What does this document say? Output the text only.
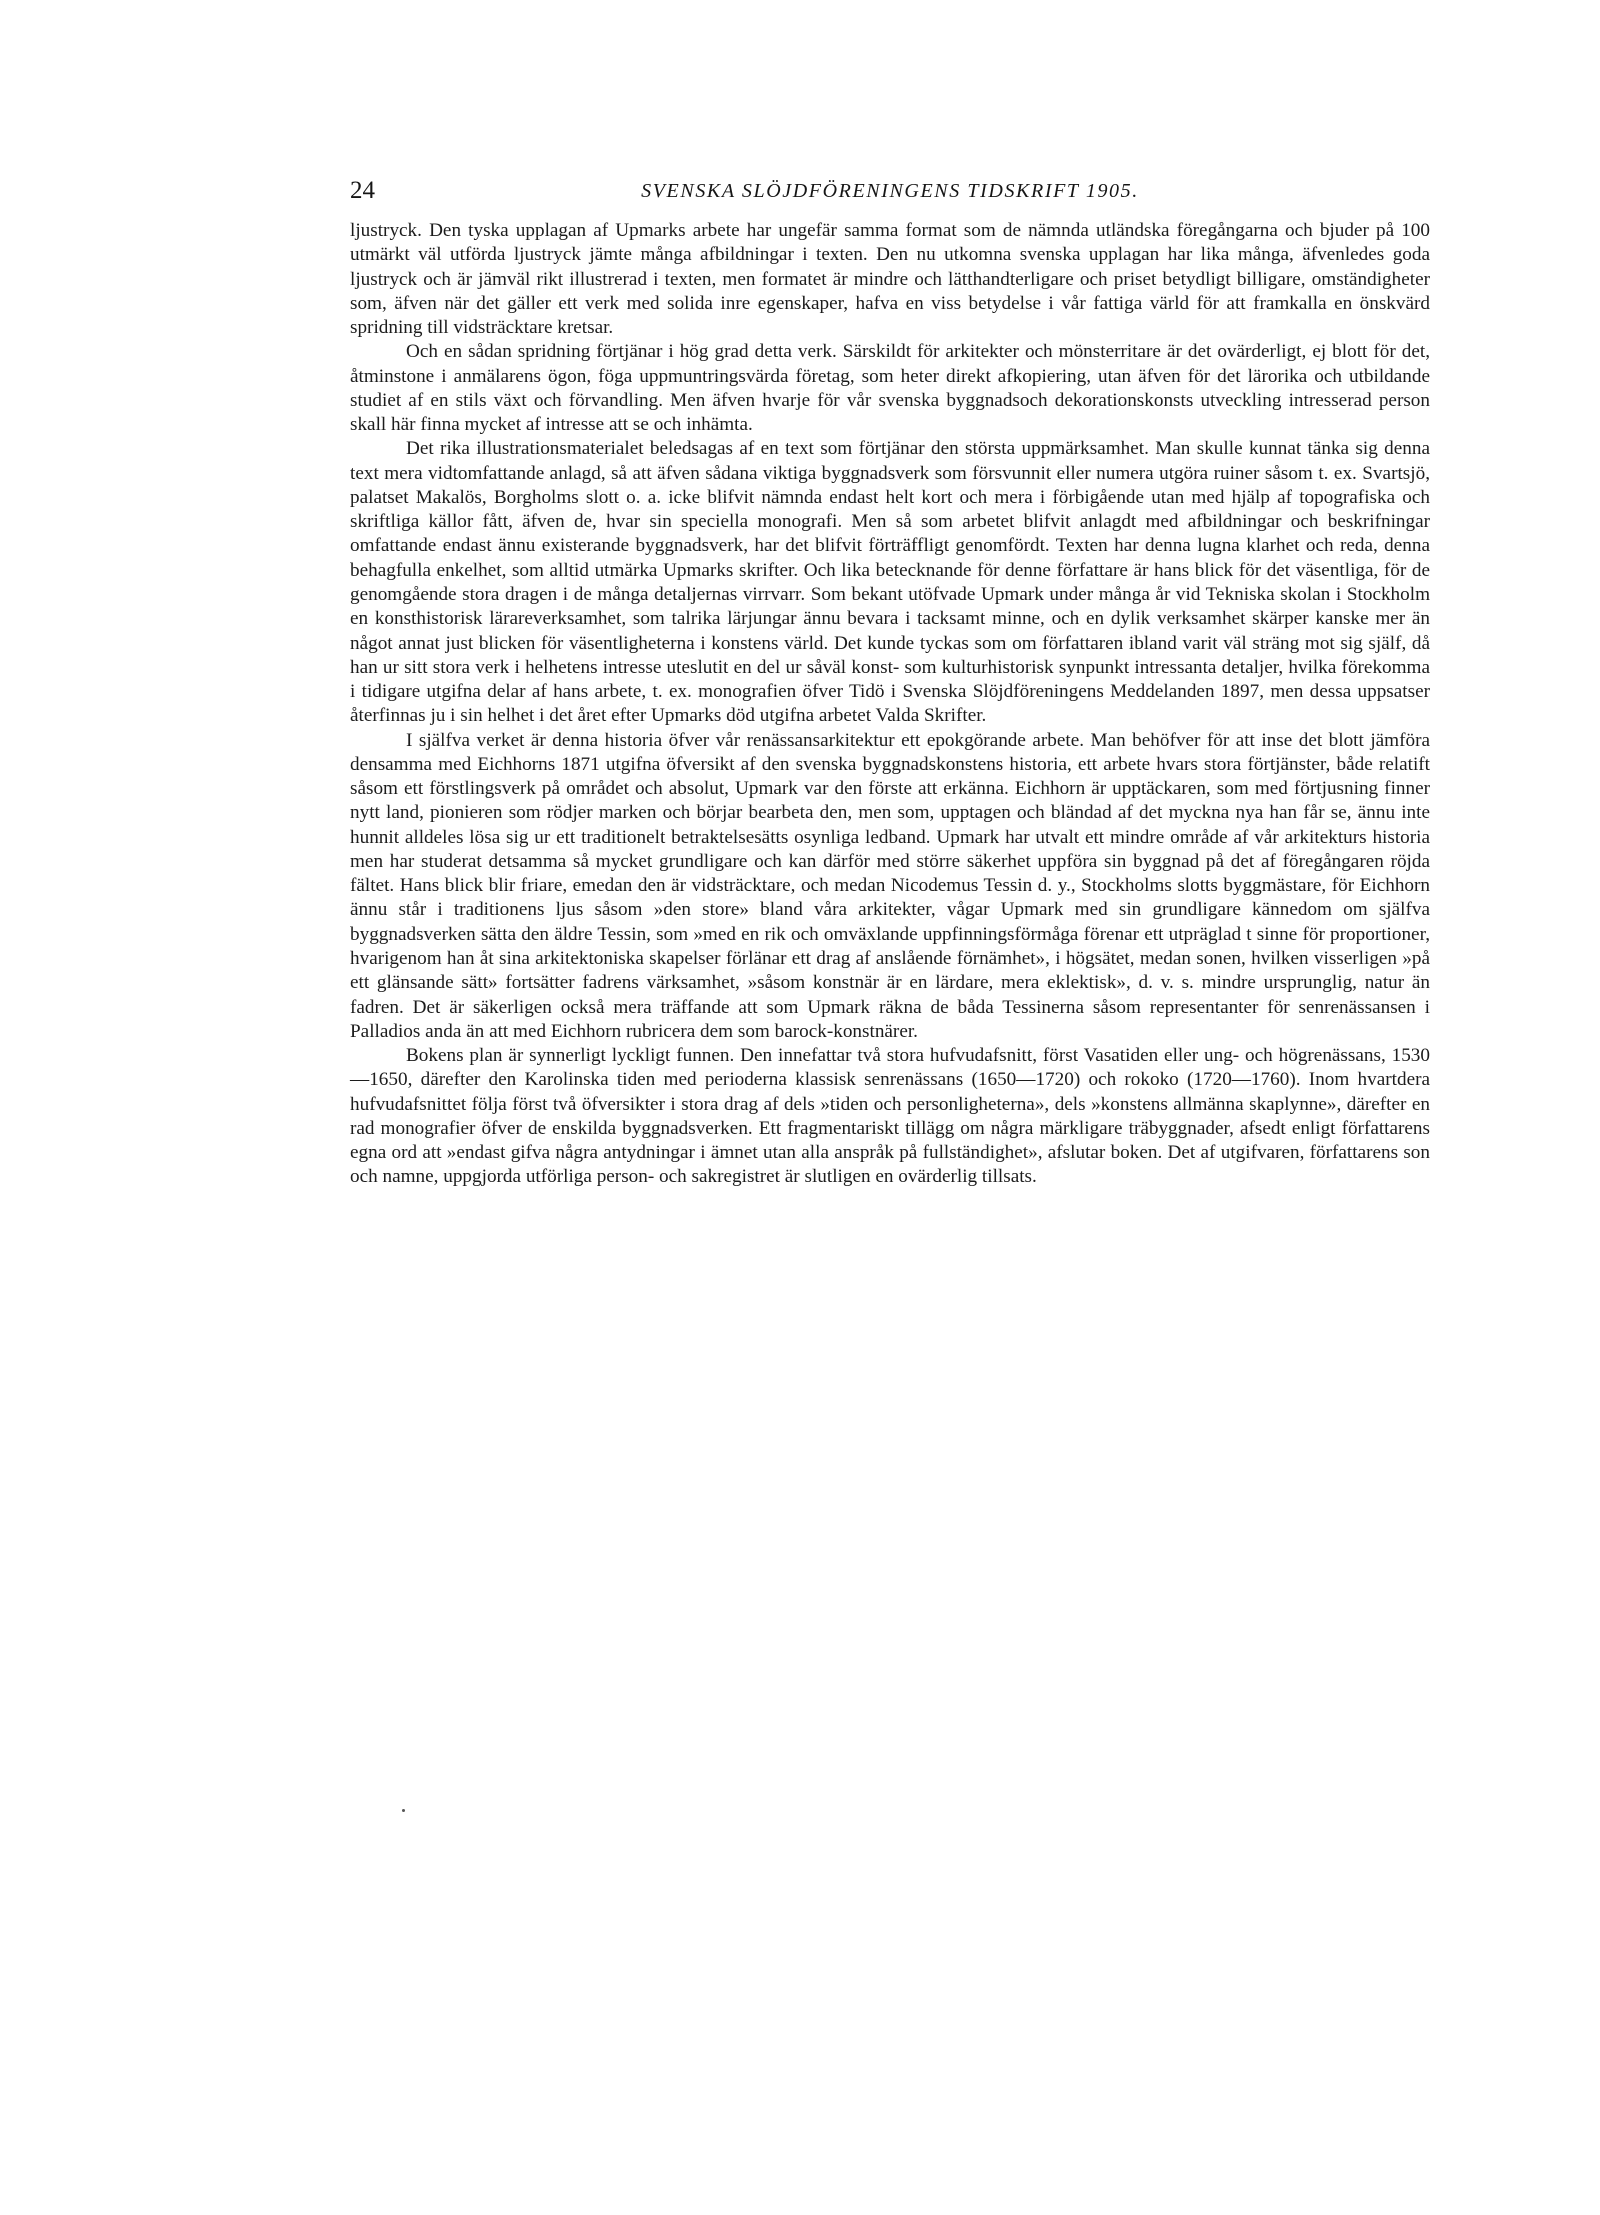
24	SVENSKA SLÖJDFÖRENINGENS TIDSKRIFT 1905.

ljustryck. Den tyska upplagan af Upmarks arbete har ungefär samma format som de nämnda utländska föregångarna och bjuder på 100 utmärkt väl utförda ljustryck jämte många afbildningar i texten. Den nu utkomna svenska upplagan har lika många, äfvenledes goda ljustryck och är jämväl rikt illustrerad i texten, men formatet är mindre och lätthandterligare och priset betydligt billigare, omständigheter som, äfven när det gäller ett verk med solida inre egenskaper, hafva en viss betydelse i vår fattiga värld för att framkalla en önskvärd spridning till vidsträcktare kretsar.

Och en sådan spridning förtjänar i hög grad detta verk. Särskildt för arkitekter och mönsterritare är det ovärderligt, ej blott för det, åtminstone i anmälarens ögon, föga uppmuntringsvärda företag, som heter direkt afkopiering, utan äfven för det lärorika och utbildande studiet af en stils växt och förvandling. Men äfven hvarje för vår svenska byggnadsoch dekorationskonsts utveckling intresserad person skall här finna mycket af intresse att se och inhämta.

Det rika illustrationsmaterialet beledsagas af en text som förtjänar den största uppmärksamhet. Man skulle kunnat tänka sig denna text mera vidtomfattande anlagd, så att äfven sådana viktiga byggnadsverk som försvunnit eller numera utgöra ruiner såsom t. ex. Svartsjö, palatset Makalös, Borgholms slott o. a. icke blifvit nämnda endast helt kort och mera i förbigående utan med hjälp af topografiska och skriftliga källor fått, äfven de, hvar sin speciella monografi. Men så som arbetet blifvit anlagdt med afbildningar och beskrifningar omfattande endast ännu existerande byggnadsverk, har det blifvit förträffligt genomfördt. Texten har denna lugna klarhet och reda, denna behagfulla enkelhet, som alltid utmärka Upmarks skrifter. Och lika betecknande för denne författare är hans blick för det väsentliga, för de genomgående stora dragen i de många detaljernas virrvarr. Som bekant utöfvade Upmark under många år vid Tekniska skolan i Stockholm en konsthistorisk lärareverksamhet, som talrika lärjungar ännu bevara i tacksamt minne, och en dylik verksamhet skärper kanske mer än något annat just blicken för väsentligheterna i konstens värld. Det kunde tyckas som om författaren ibland varit väl sträng mot sig själf, då han ur sitt stora verk i helhetens intresse uteslutit en del ur såväl konst- som kulturhistorisk synpunkt intressanta detaljer, hvilka förekomma i tidigare utgifna delar af hans arbete, t. ex. monografien öfver Tidö i Svenska Slöjdföreningens Meddelanden 1897, men dessa uppsatser återfinnas ju i sin helhet i det året efter Upmarks död utgifna arbetet Valda Skrifter.

I själfva verket är denna historia öfver vår renässansarkitektur ett epokgörande arbete. Man behöfver för att inse det blott jämföra densamma med Eichhorns 1871 utgifna öfversikt af den svenska byggnadskonstens historia, ett arbete hvars stora förtjänster, både relatift såsom ett förstlingsverk på området och absolut, Upmark var den förste att erkänna. Eichhorn är upptäckaren, som med förtjusning finner nytt land, pionieren som rödjer marken och börjar bearbeta den, men som, upptagen och bländad af det myckna nya han får se, ännu inte hunnit alldeles lösa sig ur ett traditionelt betraktelsesätts osynliga ledband. Upmark har utvalt ett mindre område af vår arkitekturs historia men har studerat detsamma så mycket grundligare och kan därför med större säkerhet uppföra sin byggnad på det af föregångaren röjda fältet. Hans blick blir friare, emedan den är vidsträcktare, och medan Nicodemus Tessin d. y., Stockholms slotts byggmästare, för Eichhorn ännu står i traditionens ljus såsom »den store» bland våra arkitekter, vågar Upmark med sin grundligare kännedom om själfva byggnadsverken sätta den äldre Tessin, som »med en rik och omväxlande uppfinningsförmåga förenar ett utpräglad t sinne för proportioner, hvarigenom han åt sina arkitektoniska skapelser förlänar ett drag af anslående förnämhet», i högsätet, medan sonen, hvilken visserligen »på ett glänsande sätt» fortsätter fadrens värksamhet, »såsom konstnär är en lärdare, mera eklektisk», d. v. s. mindre ursprunglig, natur än fadren. Det är säkerligen också mera träffande att som Upmark räkna de båda Tessinerna såsom representanter för senrenässansen i Palladios anda än att med Eichhorn rubricera dem som barock-konstnärer.

Bokens plan är synnerligt lyckligt funnen. Den innefattar två stora hufvudafsnitt, först Vasatiden eller ung- och högrenässans, 1530—1650, därefter den Karolinska tiden med perioderna klassisk senrenässans (1650—1720) och rokoko (1720—1760). Inom hvartdera hufvudafsnittet följa först två öfversikter i stora drag af dels »tiden och personligheterna», dels »konstens allmänna skaplynne», därefter en rad monografier öfver de enskilda byggnadsverken. Ett fragmentariskt tillägg om några märkligare träbyggnader, afsedt enligt författarens egna ord att »endast gifva några antydningar i ämnet utan alla anspråk på fullständighet», afslutar boken. Det af utgifvaren, författarens son och namne, uppgjorda utförliga person- och sakregistret är slutligen en ovärderlig tillsats.
